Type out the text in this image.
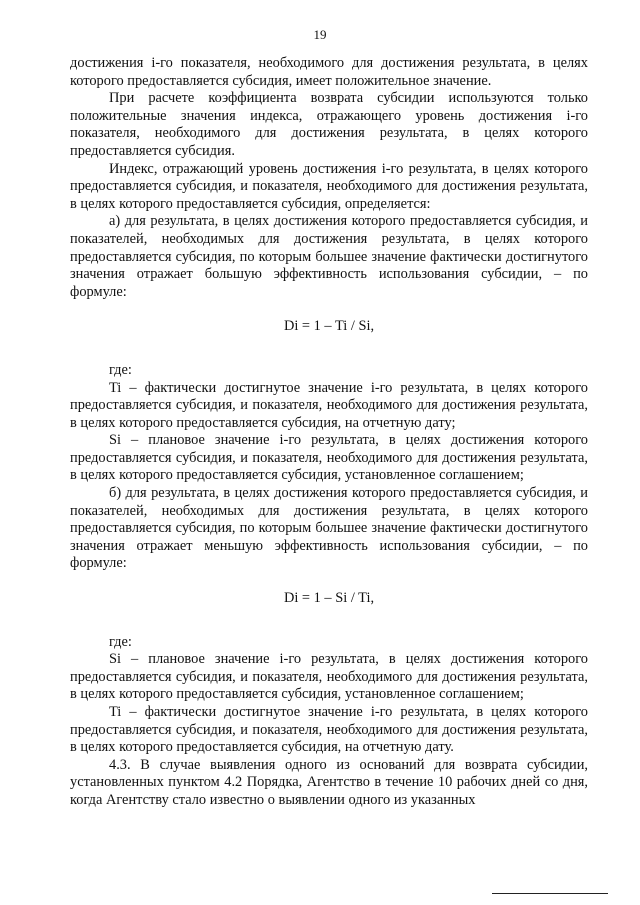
19

достижения i-го показателя, необходимого для достижения результата, в целях которого предоставляется субсидия, имеет положительное значение.

При расчете коэффициента возврата субсидии используются только положительные значения индекса, отражающего уровень достижения i-го показателя, необходимого для достижения результата, в целях которого предоставляется субсидия.

Индекс, отражающий уровень достижения i-го результата, в целях которого предоставляется субсидия, и показателя, необходимого для достижения результата, в целях которого предоставляется субсидия, определяется:

а) для результата, в целях достижения которого предоставляется субсидия, и показателей, необходимых для достижения результата, в целях которого предоставляется субсидия, по которым большее значение фактически достигнутого значения отражает большую эффективность использования субсидии, – по формуле:

Di = 1 – Ti / Si,

где:

Ti – фактически достигнутое значение i-го результата, в целях которого предоставляется субсидия, и показателя, необходимого для достижения результата, в целях которого предоставляется субсидия, на отчетную дату;

Si – плановое значение i-го результата, в целях достижения которого предоставляется субсидия, и показателя, необходимого для достижения результата, в целях которого предоставляется субсидия, установленное соглашением;

б) для результата, в целях достижения которого предоставляется субсидия, и показателей, необходимых для достижения результата, в целях которого предоставляется субсидия, по которым большее значение фактически достигнутого значения отражает меньшую эффективность использования субсидии, – по формуле:

Di = 1 – Si / Ti,

где:

Si – плановое значение i-го результата, в целях достижения которого предоставляется субсидия, и показателя, необходимого для достижения результата, в целях которого предоставляется субсидия, установленное соглашением;

Ti – фактически достигнутое значение i-го результата, в целях которого предоставляется субсидия, и показателя, необходимого для достижения результата, в целях которого предоставляется субсидия, на отчетную дату.

4.3. В случае выявления одного из оснований для возврата субсидии, установленных пунктом 4.2 Порядка, Агентство в течение 10 рабочих дней со дня, когда Агентству стало известно о выявлении одного из указанных
